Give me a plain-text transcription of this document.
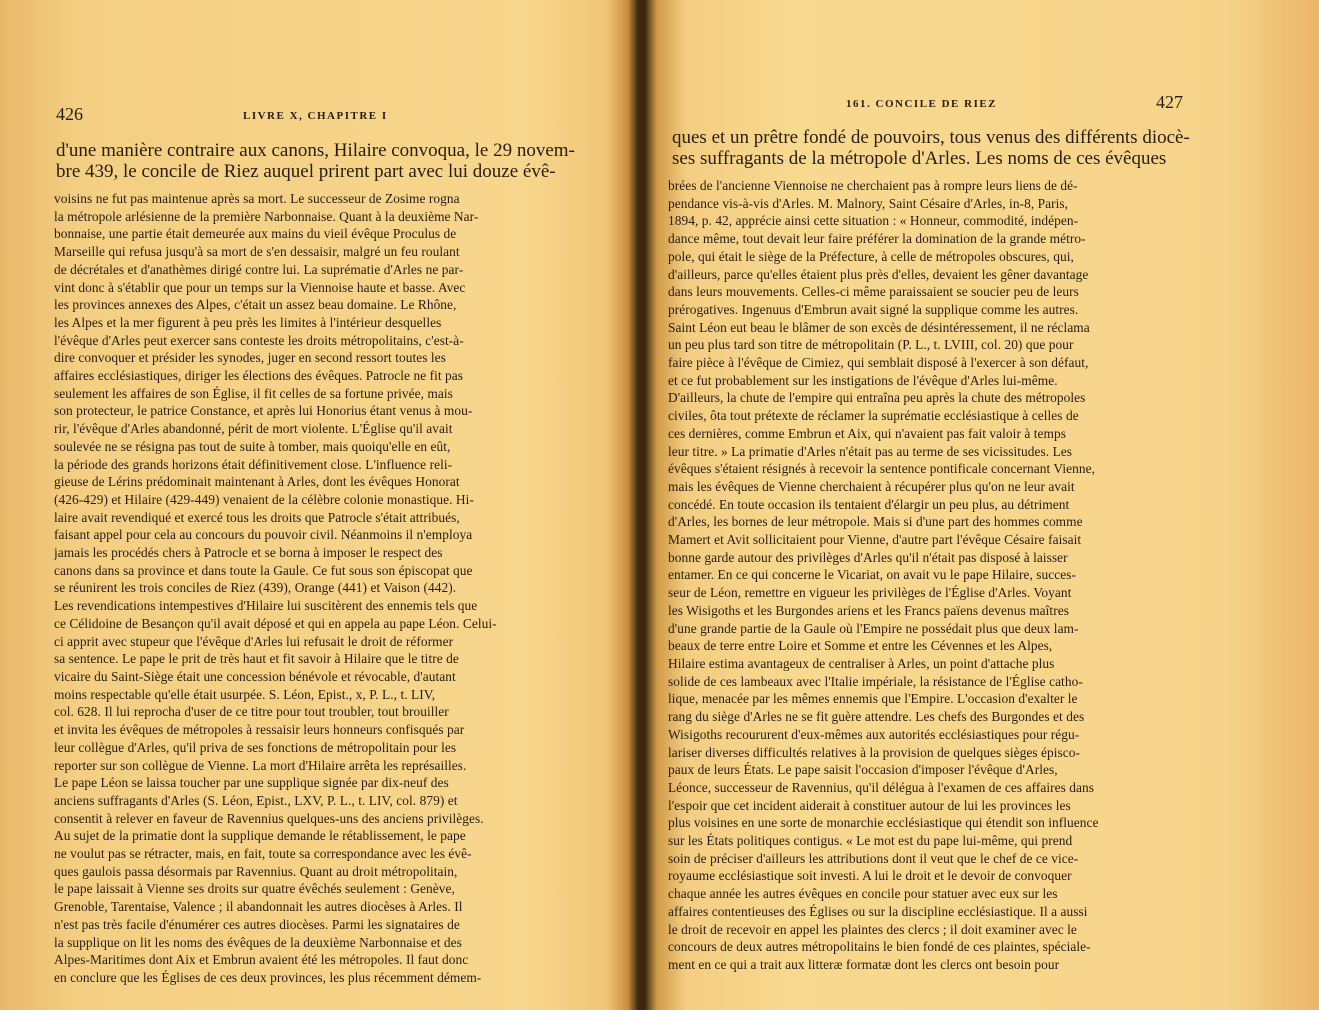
426	LIVRE X, CHAPITRE I
d'une manière contraire aux canons, Hilaire convoqua, le 29 novem-
bre 439, le concile de Riez auquel prirent part avec lui douze évê-
voisins ne fut pas maintenue après sa mort. Le successeur de Zosime rogna
la métropole arlésienne de la première Narbonnaise. Quant à la deuxième Nar-
bonnaise, une partie était demeurée aux mains du vieil évêque Proculus de
Marseille qui refusa jusqu'à sa mort de s'en dessaisir, malgré un feu roulant
de décrétales et d'anathèmes dirigé contre lui. La suprématie d'Arles ne par-
vint donc à s'établir que pour un temps sur la Viennoise haute et basse. Avec
les provinces annexes des Alpes, c'était un assez beau domaine. Le Rhône,
les Alpes et la mer figurent à peu près les limites à l'intérieur desquelles
l'évêque d'Arles peut exercer sans conteste les droits métropolitains, c'est-à-
dire convoquer et présider les synodes, juger en second ressort toutes les
affaires ecclésiastiques, diriger les élections des évêques. Patrocle ne fit pas
seulement les affaires de son Église, il fit celles de sa fortune privée, mais
son protecteur, le patrice Constance, et après lui Honorius étant venus à mou-
rir, l'évêque d'Arles abandonné, périt de mort violente. L'Église qu'il avait
soulevée ne se résigna pas tout de suite à tomber, mais quoiqu'elle en eût,
la période des grands horizons était définitivement close. L'influence reli-
gieuse de Lérins prédominait maintenant à Arles, dont les évêques Honorat
(426-429) et Hilaire (429-449) venaient de la célèbre colonie monastique. Hi-
laire avait revendiqué et exercé tous les droits que Patrocle s'était attribués,
faisant appel pour cela au concours du pouvoir civil. Néanmoins il n'employa
jamais les procédés chers à Patrocle et se borna à imposer le respect des
canons dans sa province et dans toute la Gaule. Ce fut sous son épiscopat que
se réunirent les trois conciles de Riez (439), Orange (441) et Vaison (442).
Les revendications intempestives d'Hilaire lui suscitèrent des ennemis tels que
ce Célidoine de Besançon qu'il avait déposé et qui en appela au pape Léon. Celui-
ci apprit avec stupeur que l'évêque d'Arles lui refusait le droit de réformer
sa sentence. Le pape le prit de très haut et fit savoir à Hilaire que le titre de
vicaire du Saint-Siège était une concession bénévole et révocable, d'autant
moins respectable qu'elle était usurpée. S. Léon, Epist., x, P. L., t. LIV,
col. 628. Il lui reprocha d'user de ce titre pour tout troubler, tout brouiller
et invita les évêques de métropoles à ressaisir leurs honneurs confisqués par
leur collègue d'Arles, qu'il priva de ses fonctions de métropolitain pour les
reporter sur son collègue de Vienne. La mort d'Hilaire arrêta les représailles.
Le pape Léon se laissa toucher par une supplique signée par dix-neuf des
anciens suffragants d'Arles (S. Léon, Epist., LXV, P. L., t. LIV, col. 879) et
consentit à relever en faveur de Ravennius quelques-uns des anciens privilèges.
Au sujet de la primatie dont la supplique demande le rétablissement, le pape
ne voulut pas se rétracter, mais, en fait, toute sa correspondance avec les évê-
ques gaulois passa désormais par Ravennius. Quant au droit métropolitain,
le pape laissait à Vienne ses droits sur quatre évêchés seulement : Genève,
Grenoble, Tarentaise, Valence ; il abandonnait les autres diocèses à Arles. Il
n'est pas très facile d'énumérer ces autres diocèses. Parmi les signataires de
la supplique on lit les noms des évêques de la deuxième Narbonnaise et des
Alpes-Maritimes dont Aix et Embrun avaient été les métropoles. Il faut donc
en conclure que les Églises de ces deux provinces, les plus récemment démem-
161. CONCILE DE RIEZ	427
ques et un prêtre fondé de pouvoirs, tous venus des différents diocè-
ses suffragants de la métropole d'Arles. Les noms de ces évêques
brées de l'ancienne Viennoise ne cherchaient pas à rompre leurs liens de dé-
pendance vis-à-vis d'Arles. M. Malnory, Saint Césaire d'Arles, in-8, Paris,
1894, p. 42, apprécie ainsi cette situation : « Honneur, commodité, indépen-
dance même, tout devait leur faire préférer la domination de la grande métro-
pole, qui était le siège de la Préfecture, à celle de métropoles obscures, qui,
d'ailleurs, parce qu'elles étaient plus près d'elles, devaient les gêner davantage
dans leurs mouvements. Celles-ci même paraissaient se soucier peu de leurs
prérogatives. Ingenuus d'Embrun avait signé la supplique comme les autres.
Saint Léon eut beau le blâmer de son excès de désintéressement, il ne réclama
un peu plus tard son titre de métropolitain (P. L., t. LVIII, col. 20) que pour
faire pièce à l'évêque de Cimiez, qui semblait disposé à l'exercer à son défaut,
et ce fut probablement sur les instigations de l'évêque d'Arles lui-même.
D'ailleurs, la chute de l'empire qui entraîna peu après la chute des métropoles
civiles, ôta tout prétexte de réclamer la suprématie ecclésiastique à celles de
ces dernières, comme Embrun et Aix, qui n'avaient pas fait valoir à temps
leur titre. » La primatie d'Arles n'était pas au terme de ses vicissitudes. Les
évêques s'étaient résignés à recevoir la sentence pontificale concernant Vienne,
mais les évêques de Vienne cherchaient à récupérer plus qu'on ne leur avait
concédé. En toute occasion ils tentaient d'élargir un peu plus, au détriment
d'Arles, les bornes de leur métropole. Mais si d'une part des hommes comme
Mamert et Avit sollicitaient pour Vienne, d'autre part l'évêque Césaire faisait
bonne garde autour des privilèges d'Arles qu'il n'était pas disposé à laisser
entamer. En ce qui concerne le Vicariat, on avait vu le pape Hilaire, succes-
seur de Léon, remettre en vigueur les privilèges de l'Église d'Arles. Voyant
les Wisigoths et les Burgondes ariens et les Francs païens devenus maîtres
d'une grande partie de la Gaule où l'Empire ne possédait plus que deux lam-
beaux de terre entre Loire et Somme et entre les Cévennes et les Alpes,
Hilaire estima avantageux de centraliser à Arles, un point d'attache plus
solide de ces lambeaux avec l'Italie impériale, la résistance de l'Église catho-
lique, menacée par les mêmes ennemis que l'Empire. L'occasion d'exalter le
rang du siège d'Arles ne se fit guère attendre. Les chefs des Burgondes et des
Wisigoths recoururent d'eux-mêmes aux autorités ecclésiastiques pour régu-
lariser diverses difficultés relatives à la provision de quelques sièges épisco-
paux de leurs États. Le pape saisit l'occasion d'imposer l'évêque d'Arles,
Léonce, successeur de Ravennius, qu'il délégua à l'examen de ces affaires dans
l'espoir que cet incident aiderait à constituer autour de lui les provinces les
plus voisines en une sorte de monarchie ecclésiastique qui étendit son influence
sur les États politiques contigus. « Le mot est du pape lui-même, qui prend
soin de préciser d'ailleurs les attributions dont il veut que le chef de ce vice-
royaume ecclésiastique soit investi. A lui le droit et le devoir de convoquer
chaque année les autres évêques en concile pour statuer avec eux sur les
affaires contentieuses des Églises ou sur la discipline ecclésiastique. Il a aussi
le droit de recevoir en appel les plaintes des clercs ; il doit examiner avec le
concours de deux autres métropolitains le bien fondé de ces plaintes, spéciale-
ment en ce qui a trait aux litteræ formatæ dont les clercs ont besoin pour
